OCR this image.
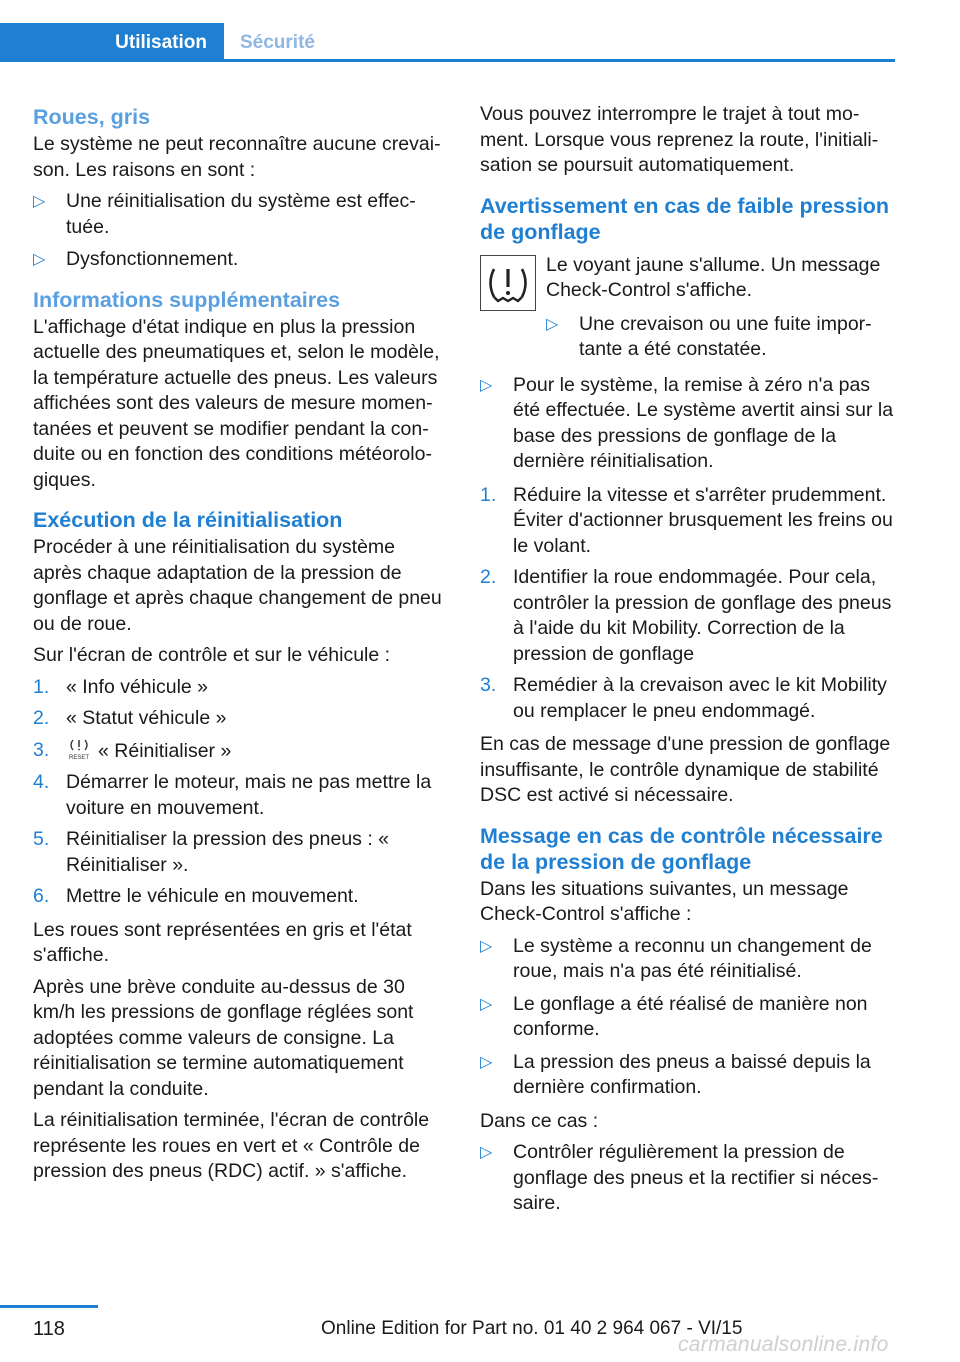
Utilisation	Sécurité
Roues, gris
Le système ne peut reconnaître aucune crevaison. Les raisons en sont :
▷	Une réinitialisation du système est effectuée.
▷	Dysfonctionnement.
Informations supplémentaires
L'affichage d'état indique en plus la pression actuelle des pneumatiques et, selon le modèle, la température actuelle des pneus. Les valeurs affichées sont des valeurs de mesure momentanées et peuvent se modifier pendant la conduite ou en fonction des conditions météorologiques.
Exécution de la réinitialisation
Procéder à une réinitialisation du système après chaque adaptation de la pression de gonflage et après chaque changement de pneu ou de roue.
Sur l'écran de contrôle et sur le véhicule :
1. « Info véhicule »
2. « Statut véhicule »
3.	RESET « Réinitialiser »
4. Démarrer le moteur, mais ne pas mettre la voiture en mouvement.
5. Réinitialiser la pression des pneus : « Réinitialiser ».
6. Mettre le véhicule en mouvement.
Les roues sont représentées en gris et l'état s'affiche.
Après une brève conduite au-dessus de 30 km/h les pressions de gonflage réglées sont adoptées comme valeurs de consigne. La réinitialisation se termine automatiquement pendant la conduite.
La réinitialisation terminée, l'écran de contrôle représente les roues en vert et « Contrôle de pression des pneus (RDC) actif. » s'affiche.
Vous pouvez interrompre le trajet à tout moment. Lorsque vous reprenez la route, l'initialisation se poursuit automatiquement.
Avertissement en cas de faible pression de gonflage
Le voyant jaune s'allume. Un message Check-Control s'affiche.
▷	Une crevaison ou une fuite importante a été constatée.
▷	Pour le système, la remise à zéro n'a pas été effectuée. Le système avertit ainsi sur la base des pressions de gonflage de la dernière réinitialisation.
1. Réduire la vitesse et s'arrêter prudemment. Éviter d'actionner brusquement les freins ou le volant.
2. Identifier la roue endommagée. Pour cela, contrôler la pression de gonflage des pneus à l'aide du kit Mobility. Correction de la pression de gonflage
3. Remédier à la crevaison avec le kit Mobility ou remplacer le pneu endommagé.
En cas de message d'une pression de gonflage insuffisante, le contrôle dynamique de stabilité DSC est activé si nécessaire.
Message en cas de contrôle nécessaire de la pression de gonflage
Dans les situations suivantes, un message Check-Control s'affiche :
▷	Le système a reconnu un changement de roue, mais n'a pas été réinitialisé.
▷	Le gonflage a été réalisé de manière non conforme.
▷	La pression des pneus a baissé depuis la dernière confirmation.
Dans ce cas :
▷	Contrôler régulièrement la pression de gonflage des pneus et la rectifier si nécessaire.
118	Online Edition for Part no. 01 40 2 964 067 - VI/15
carmanualsonline.info
